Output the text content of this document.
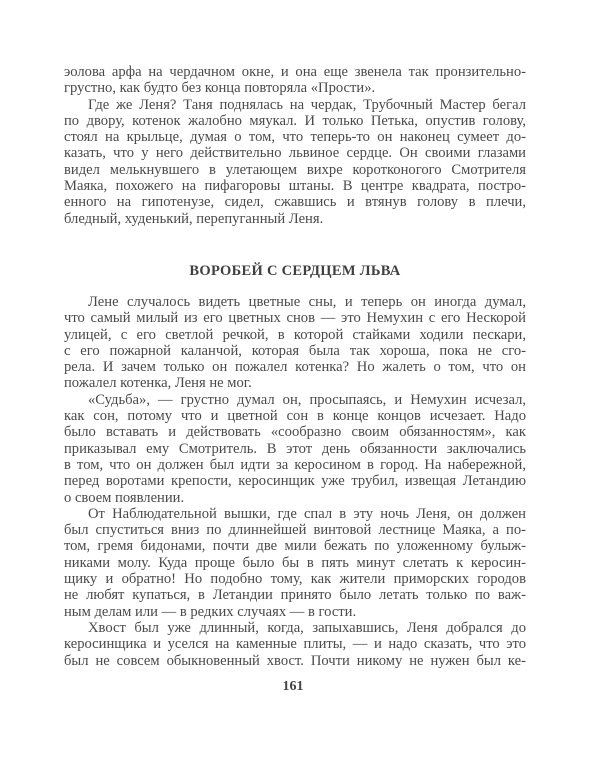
эолова арфа на чердачном окне, и она еще звенела так пронзительно-
грустно, как будто без конца повторяла «Прости».
Где же Леня? Таня поднялась на чердак, Трубочный Мастер бегал
по двору, котенок жалобно мяукал. И только Петька, опустив голову,
стоял на крыльце, думая о том, что теперь-то он наконец сумеет до-
казать, что у него действительно львиное сердце. Он своими глазами
видел мелькнувшего в улетающем вихре коротконогого Смотрителя
Маяка, похожего на пифагоровы штаны. В центре квадрата, постро-
енного на гипотенузе, сидел, сжавшись и втянув голову в плечи,
бледный, худенький, перепуганный Леня.
ВОРОБЕЙ С СЕРДЦЕМ ЛЬВА
Лене случалось видеть цветные сны, и теперь он иногда думал,
что самый милый из его цветных снов — это Немухин с его Нескорой
улицей, с его светлой речкой, в которой стайками ходили пескари,
с его пожарной каланчой, которая была так хороша, пока не сго-
рела. И зачем только он пожалел котенка? Но жалеть о том, что он
пожалел котенка, Леня не мог.
«Судьба», — грустно думал он, просыпаясь, и Немухин исчезал,
как сон, потому что и цветной сон в конце концов исчезает. Надо
было вставать и действовать «сообразно своим обязанностям», как
приказывал ему Смотритель. В этот день обязанности заключались
в том, что он должен был идти за керосином в город. На набережной,
перед воротами крепости, керосинщик уже трубил, извещая Летандию
о своем появлении.
От Наблюдательной вышки, где спал в эту ночь Леня, он должен
был спуститься вниз по длиннейшей винтовой лестнице Маяка, а по-
том, гремя бидонами, почти две мили бежать по уложенному булыж-
никами молу. Куда проще было бы в пять минут слетать к керосин-
щику и обратно! Но подобно тому, как жители приморских городов
не любят купаться, в Летандии принято было летать только по важ-
ным делам или — в редких случаях — в гости.
Хвост был уже длинный, когда, запыхавшись, Леня добрался до
керосинщика и уселся на каменные плиты, — и надо сказать, что это
был не совсем обыкновенный хвост. Почти никому не нужен был ке-
161
